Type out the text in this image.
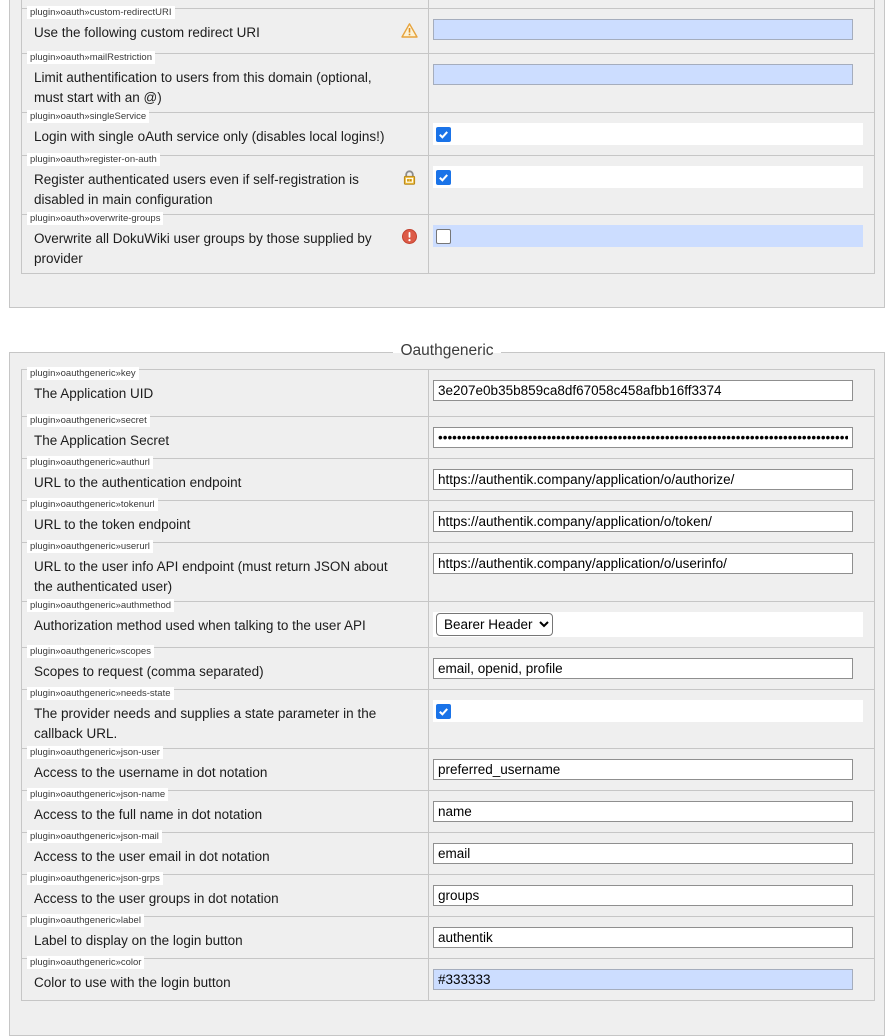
plugin»oauth»custom-redirectURI
Use the following custom redirect URI
plugin»oauth»mailRestriction
Limit authentification to users from this domain (optional, must start with an @)
plugin»oauth»singleService
Login with single oAuth service only (disables local logins!)
plugin»oauth»register-on-auth
Register authenticated users even if self-registration is disabled in main configuration
plugin»oauth»overwrite-groups
Overwrite all DokuWiki user groups by those supplied by provider
Oauthgeneric
plugin»oauthgeneric»key
The Application UID
3e207e0b35b859ca8df67058c458afbb16ff3374
plugin»oauthgeneric»secret
The Application Secret
••••••••••••••••••••••••••••••••••••••••••••••••••••••••••••••••••••••••••••••••••••••••••
plugin»oauthgeneric»authurl
URL to the authentication endpoint
https://authentik.company/application/o/authorize/
plugin»oauthgeneric»tokenurl
URL to the token endpoint
https://authentik.company/application/o/token/
plugin»oauthgeneric»userurl
URL to the user info API endpoint (must return JSON about the authenticated user)
https://authentik.company/application/o/userinfo/
plugin»oauthgeneric»authmethod
Authorization method used when talking to the user API
Bearer Header
plugin»oauthgeneric»scopes
Scopes to request (comma separated)
email, openid, profile
plugin»oauthgeneric»needs-state
The provider needs and supplies a state parameter in the callback URL.
plugin»oauthgeneric»json-user
Access to the username in dot notation
preferred_username
plugin»oauthgeneric»json-name
Access to the full name in dot notation
name
plugin»oauthgeneric»json-mail
Access to the user email in dot notation
email
plugin»oauthgeneric»json-grps
Access to the user groups in dot notation
groups
plugin»oauthgeneric»label
Label to display on the login button
authentik
plugin»oauthgeneric»color
Color to use with the login button
#333333
